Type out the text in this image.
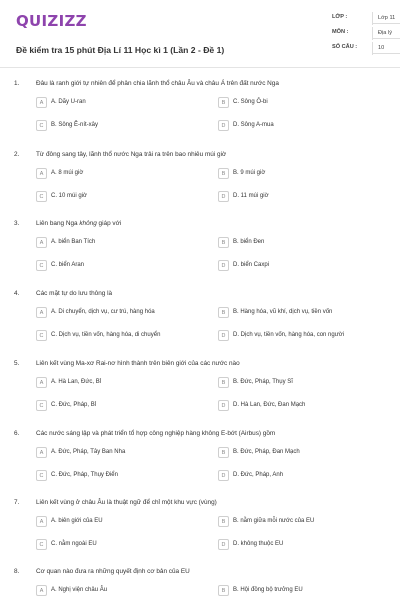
QUIZIZZ
Đề kiểm tra 15 phút Địa Lí 11 Học kì 1 (Lần 2 - Đề 1)
LỚP :	Lớp 11
MÔN :	Địa lý
SỐ CÂU :	10
1.	Đâu là ranh giới tự nhiên để phân chia lãnh thổ châu Âu và châu Á trên đất nước Nga
A	A. Dãy U-ran	B	C. Sông Ô-bi
C	B. Sông Ê-nít-xây	D	D. Sông A-mua
2.	Từ đông sang tây, lãnh thổ nước Nga trải ra trên bao nhiêu múi giờ
A	A. 8 múi giờ	B	B. 9 múi giờ
C	C. 10 múi giờ	D	D. 11 múi giờ
3.	Liên bang Nga không giáp với
A	A. biển Ban Tích	B	B. biển Đen
C	C. biển Aran	D	D. biển Caxpi
4.	Các mặt tự do lưu thông là
A	A. Di chuyển, dịch vụ, cư trú, hàng hóa	B	B. Hàng hóa, vũ khí, dịch vụ, tiền vốn
C	C. Dịch vụ, tiền vốn, hàng hóa, di chuyển	D	D. Dịch vụ, tiền vốn, hàng hóa, con người
5.	Liên kết vùng Ma-xơ Rai-nơ hình thành trên biên giới của các nước nào
A	A. Hà Lan, Đức, Bỉ	B	B. Đức, Pháp, Thụy Sĩ
C	C. Đức, Pháp, Bỉ	D	D. Hà Lan, Đức, Đan Mạch
6.	Các nước sáng lập và phát triển tổ hợp công nghiệp hàng không E-bớt (Airbus) gồm
A	A. Đức, Pháp, Tây Ban Nha	B	B. Đức, Pháp, Đan Mạch
C	C. Đức, Pháp, Thụy Điển	D	D. Đức, Pháp, Anh
7.	Liên kết vùng ở châu Âu là thuật ngữ để chỉ một khu vực (vùng)
A	A. biên giới của EU	B	B. nằm giữa mỗi nước của EU
C	C. nằm ngoài EU	D	D. không thuộc EU
8.	Cơ quan nào đưa ra những quyết định cơ bản của EU
A	A. Nghị viện châu Âu	B	B. Hội đồng bộ trưởng EU
